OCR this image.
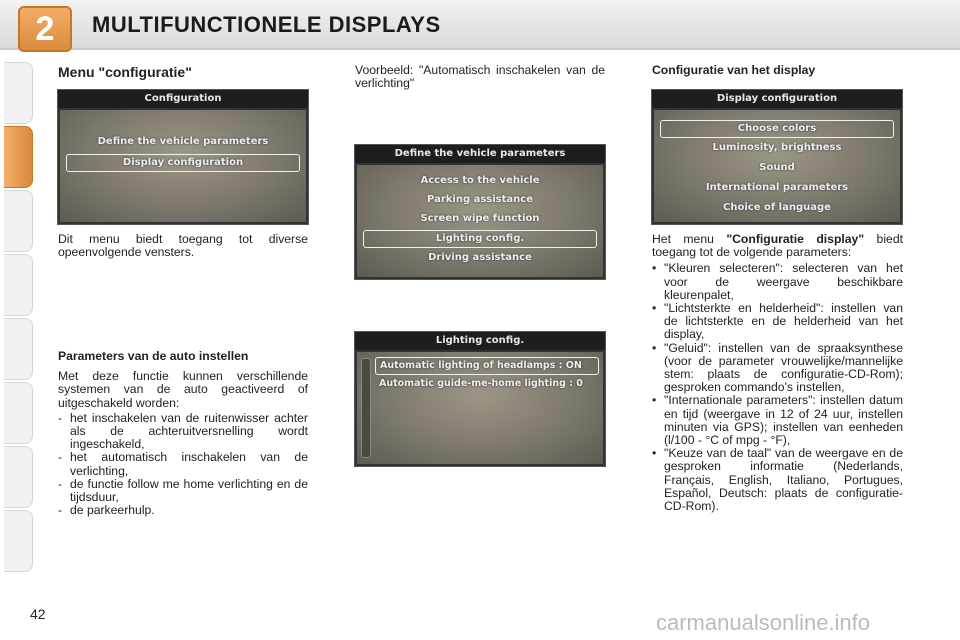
2	MULTIFUNCTIONELE DISPLAYS
Menu "configuratie"
Configuration
Define the vehicle parameters
Display configuration
Dit menu biedt toegang tot diverse opeenvolgende vensters.
Parameters van de auto instellen
Met deze functie kunnen verschillende systemen van de auto geactiveerd of uitgeschakeld worden:
- het inschakelen van de ruitenwisser achter als de achteruitversnelling wordt ingeschakeld,
- het automatisch inschakelen van de verlichting,
- de functie follow me home verlichting en de tijdsduur,
- de parkeerhulp.
Voorbeeld: "Automatisch inschakelen van de verlichting"
Define the vehicle parameters
Access to the vehicle
Parking assistance
Screen wipe function
Lighting config.
Driving assistance
Lighting config.
Automatic lighting of headlamps : ON
Automatic guide-me-home lighting : 0
Configuratie van het display
Display configuration
Choose colors
Luminosity, brightness
Sound
International parameters
Choice of language
Het menu "Configuratie display" biedt toegang tot de volgende parameters:
• "Kleuren selecteren": selecteren van het voor de weergave beschikbare kleurenpalet,
• "Lichtsterkte en helderheid": instellen van de lichtsterkte en de helderheid van het display,
• "Geluid": instellen van de spraaksynthese (voor de parameter vrouwelijke/mannelijke stem: plaats de configuratie-CD-Rom); gesproken commando's instellen,
• "Internationale parameters": instellen datum en tijd (weergave in 12 of 24 uur, instellen minuten via GPS); instellen van eenheden (l/100 - °C of mpg - °F),
• "Keuze van de taal" van de weergave en de gesproken informatie (Nederlands, Français, English, Italiano, Portugues, Español, Deutsch: plaats de configuratie-CD-Rom).
42	carmanualsonline.info
